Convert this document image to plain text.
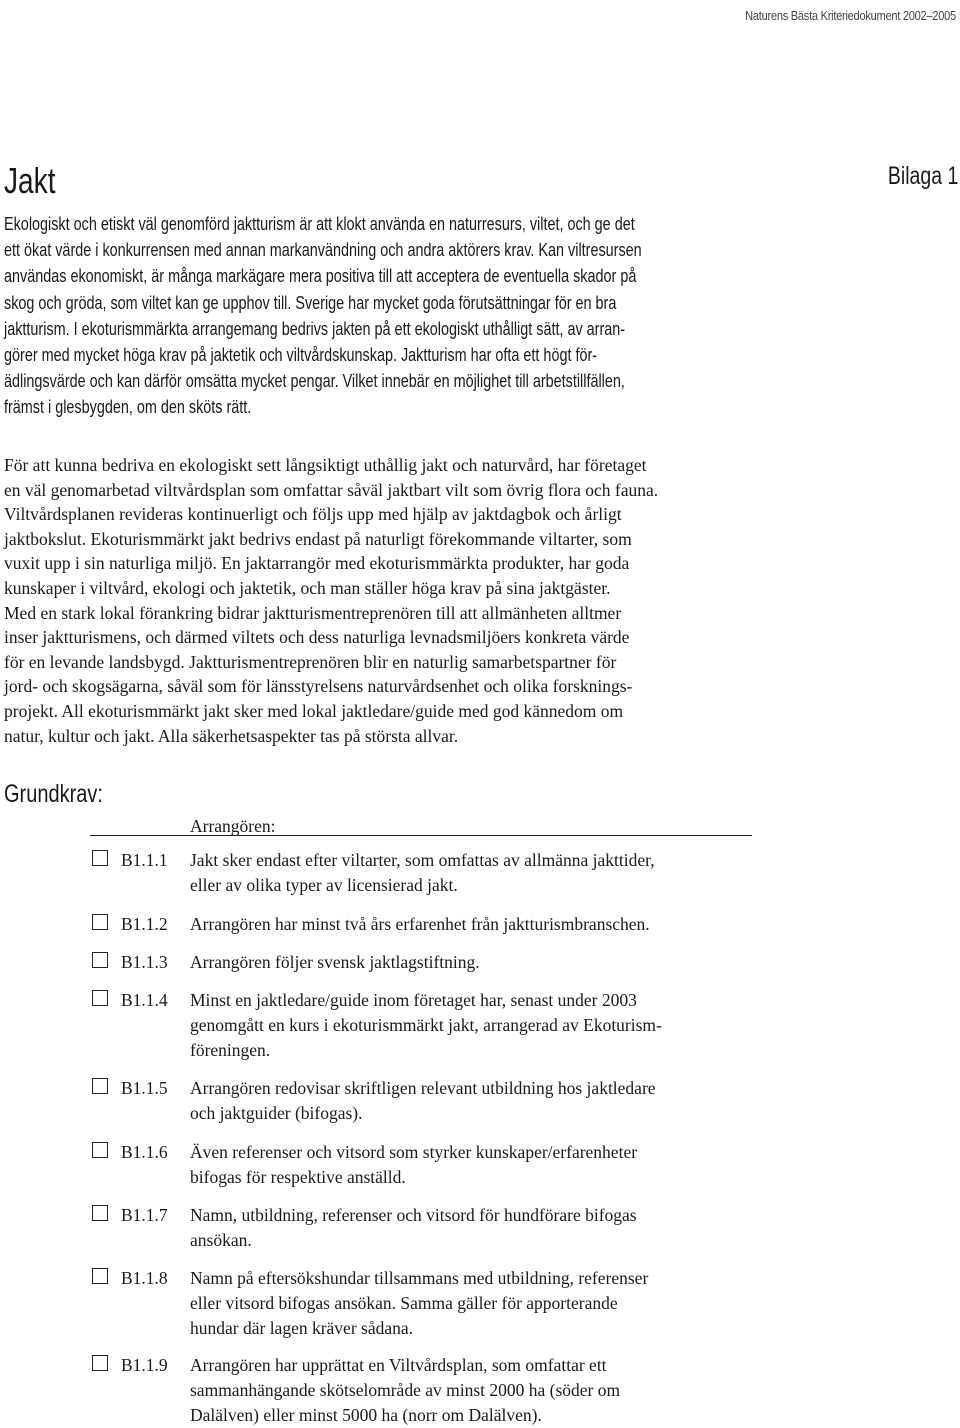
Naturens Bästa Kriteriedokument 2002–2005
Jakt	Bilaga 1
Ekologiskt och etiskt väl genomförd jaktturism är att klokt använda en naturresurs, viltet, och ge det
ett ökat värde i konkurrensen med annan markanvändning och andra aktörers krav. Kan viltresursen
användas ekonomiskt, är många markägare mera positiva till att acceptera de eventuella skador på
skog och gröda, som viltet kan ge upphov till. Sverige har mycket goda förutsättningar för en bra
jaktturism. I ekoturismmärkta arrangemang bedrivs jakten på ett ekologiskt uthålligt sätt, av arran-
görer med mycket höga krav på jaktetik och viltvårdskunskap. Jaktturism har ofta ett högt för-
ädlingsvärde och kan därför omsätta mycket pengar. Vilket innebär en möjlighet till arbetstillfällen,
främst i glesbygden, om den sköts rätt.
För att kunna bedriva en ekologiskt sett långsiktigt uthållig jakt och naturvård, har företaget
en väl genomarbetad viltvårdsplan som omfattar såväl jaktbart vilt som övrig flora och fauna.
Viltvårdsplanen revideras kontinuerligt och följs upp med hjälp av jaktdagbok och årligt
jaktbokslut. Ekoturismmärkt jakt bedrivs endast på naturligt förekommande viltarter, som
vuxit upp i sin naturliga miljö. En jaktarrangör med ekoturismmärkta produkter, har goda
kunskaper i viltvård, ekologi och jaktetik, och man ställer höga krav på sina jaktgäster.
Med en stark lokal förankring bidrar jaktturismentreprenören till att allmänheten alltmer
inser jaktturismens, och därmed viltets och dess naturliga levnadsmiljöers konkreta värde
för en levande landsbygd. Jaktturismentreprenören blir en naturlig samarbetspartner för
jord- och skogsägarna, såväl som för länsstyrelsens naturvårdsenhet och olika forsknings-
projekt. All ekoturismmärkt jakt sker med lokal jaktledare/guide med god kännedom om
natur, kultur och jakt. Alla säkerhetsaspekter tas på största allvar.
Grundkrav:
Arrangören:
B1.1.1 Jakt sker endast efter viltarter, som omfattas av allmänna jakttider,
eller av olika typer av licensierad jakt.
B1.1.2 Arrangören har minst två års erfarenhet från jaktturismbranschen.
B1.1.3 Arrangören följer svensk jaktlagstiftning.
B1.1.4 Minst en jaktledare/guide inom företaget har, senast under 2003
genomgått en kurs i ekoturismmärkt jakt, arrangerad av Ekoturism-
föreningen.
B1.1.5 Arrangören redovisar skriftligen relevant utbildning hos jaktledare
och jaktguider (bifogas).
B1.1.6 Även referenser och vitsord som styrker kunskaper/erfarenheter
bifogas för respektive anställd.
B1.1.7 Namn, utbildning, referenser och vitsord för hundförare bifogas
ansökan.
B1.1.8 Namn på eftersökshundar tillsammans med utbildning, referenser
eller vitsord bifogas ansökan. Samma gäller för apporterande
hundar där lagen kräver sådana.
B1.1.9 Arrangören har upprättat en Viltvårdsplan, som omfattar ett
sammanhängande skötselområde av minst 2000 ha (söder om
Dalälven) eller minst 5000 ha (norr om Dalälven).
